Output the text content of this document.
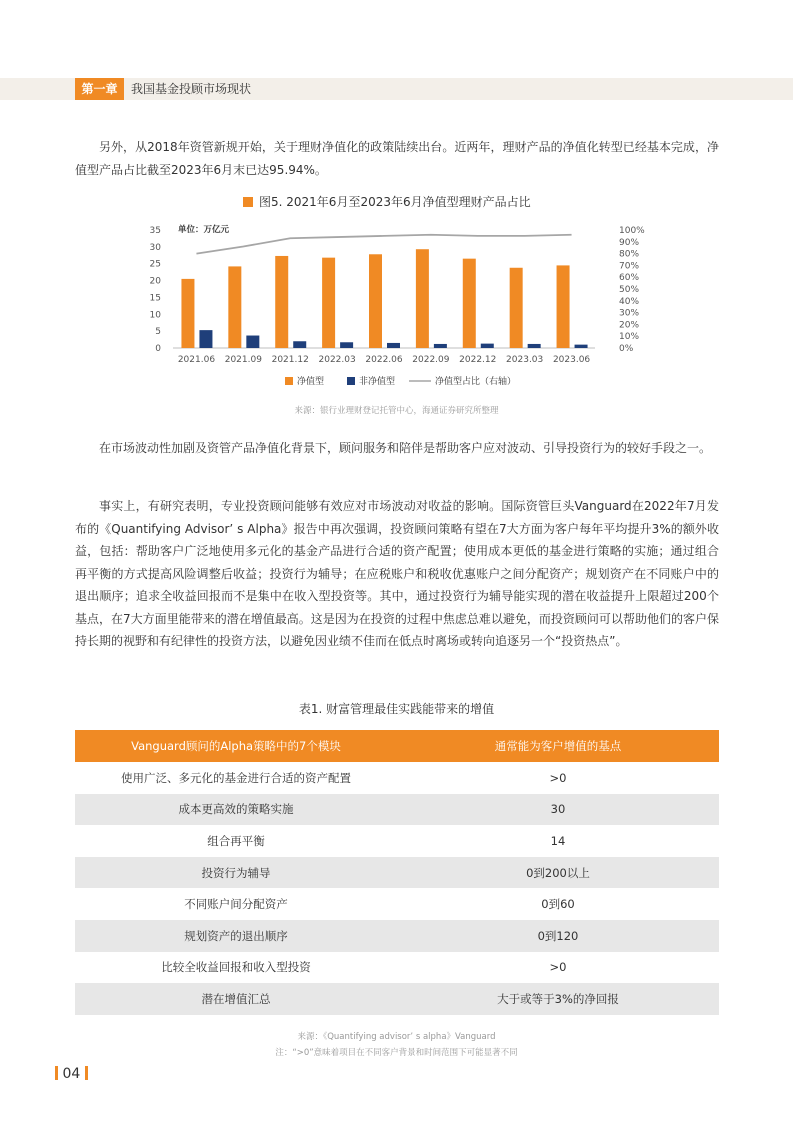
第一章	我国基金投顾市场现状

另外，从2018年资管新规开始，关于理财净值化的政策陆续出台。近两年，理财产品的净值化转型已经基本完成，净值型产品占比截至2023年6月末已达95.94%。

图5. 2021年6月至2023年6月净值型理财产品占比
0
5
10
15
20
25
30
35
0%
10%
20%
30%
40%
50%
60%
70%
80%
90%
100%
单位：万亿元
2021.06 2021.09 2021.12 2022.03 2022.06 2022.09 2022.12 2023.03 2023.06
净值型	非净值型	净值型占比（右轴）
来源：银行业理财登记托管中心，海通证券研究所整理

在市场波动性加剧及资管产品净值化背景下，顾问服务和陪伴是帮助客户应对波动、引导投资行为的较好手段之一。

事实上，有研究表明，专业投资顾问能够有效应对市场波动对收益的影响。国际资管巨头Vanguard在2022年7月发布的《Quantifying Advisor’ s Alpha》报告中再次强调，投资顾问策略有望在7大方面为客户每年平均提升3%的额外收益，包括：帮助客户广泛地使用多元化的基金产品进行合适的资产配置；使用成本更低的基金进行策略的实施；通过组合再平衡的方式提高风险调整后收益；投资行为辅导；在应税账户和税收优惠账户之间分配资产；规划资产在不同账户中的退出顺序；追求全收益回报而不是集中在收入型投资等。其中，通过投资行为辅导能实现的潜在收益提升上限超过200个基点，在7大方面里能带来的潜在增值最高。这是因为在投资的过程中焦虑总难以避免，而投资顾问可以帮助他们的客户保持长期的视野和有纪律性的投资方法，以避免因业绩不佳而在低点时离场或转向追逐另一个“投资热点”。

表1. 财富管理最佳实践能带来的增值
Vanguard顾问的Alpha策略中的7个模块	通常能为客户增值的基点
使用广泛、多元化的基金进行合适的资产配置	>0
成本更高效的策略实施	30
组合再平衡	14
投资行为辅导	0到200以上
不同账户间分配资产	0到60
规划资产的退出顺序	0到120
比较全收益回报和收入型投资	>0
潜在增值汇总	大于或等于3%的净回报
来源：《Quantifying advisor’ s alpha》Vanguard
注：“>0”意味着项目在不同客户背景和时间范围下可能显著不同
04
